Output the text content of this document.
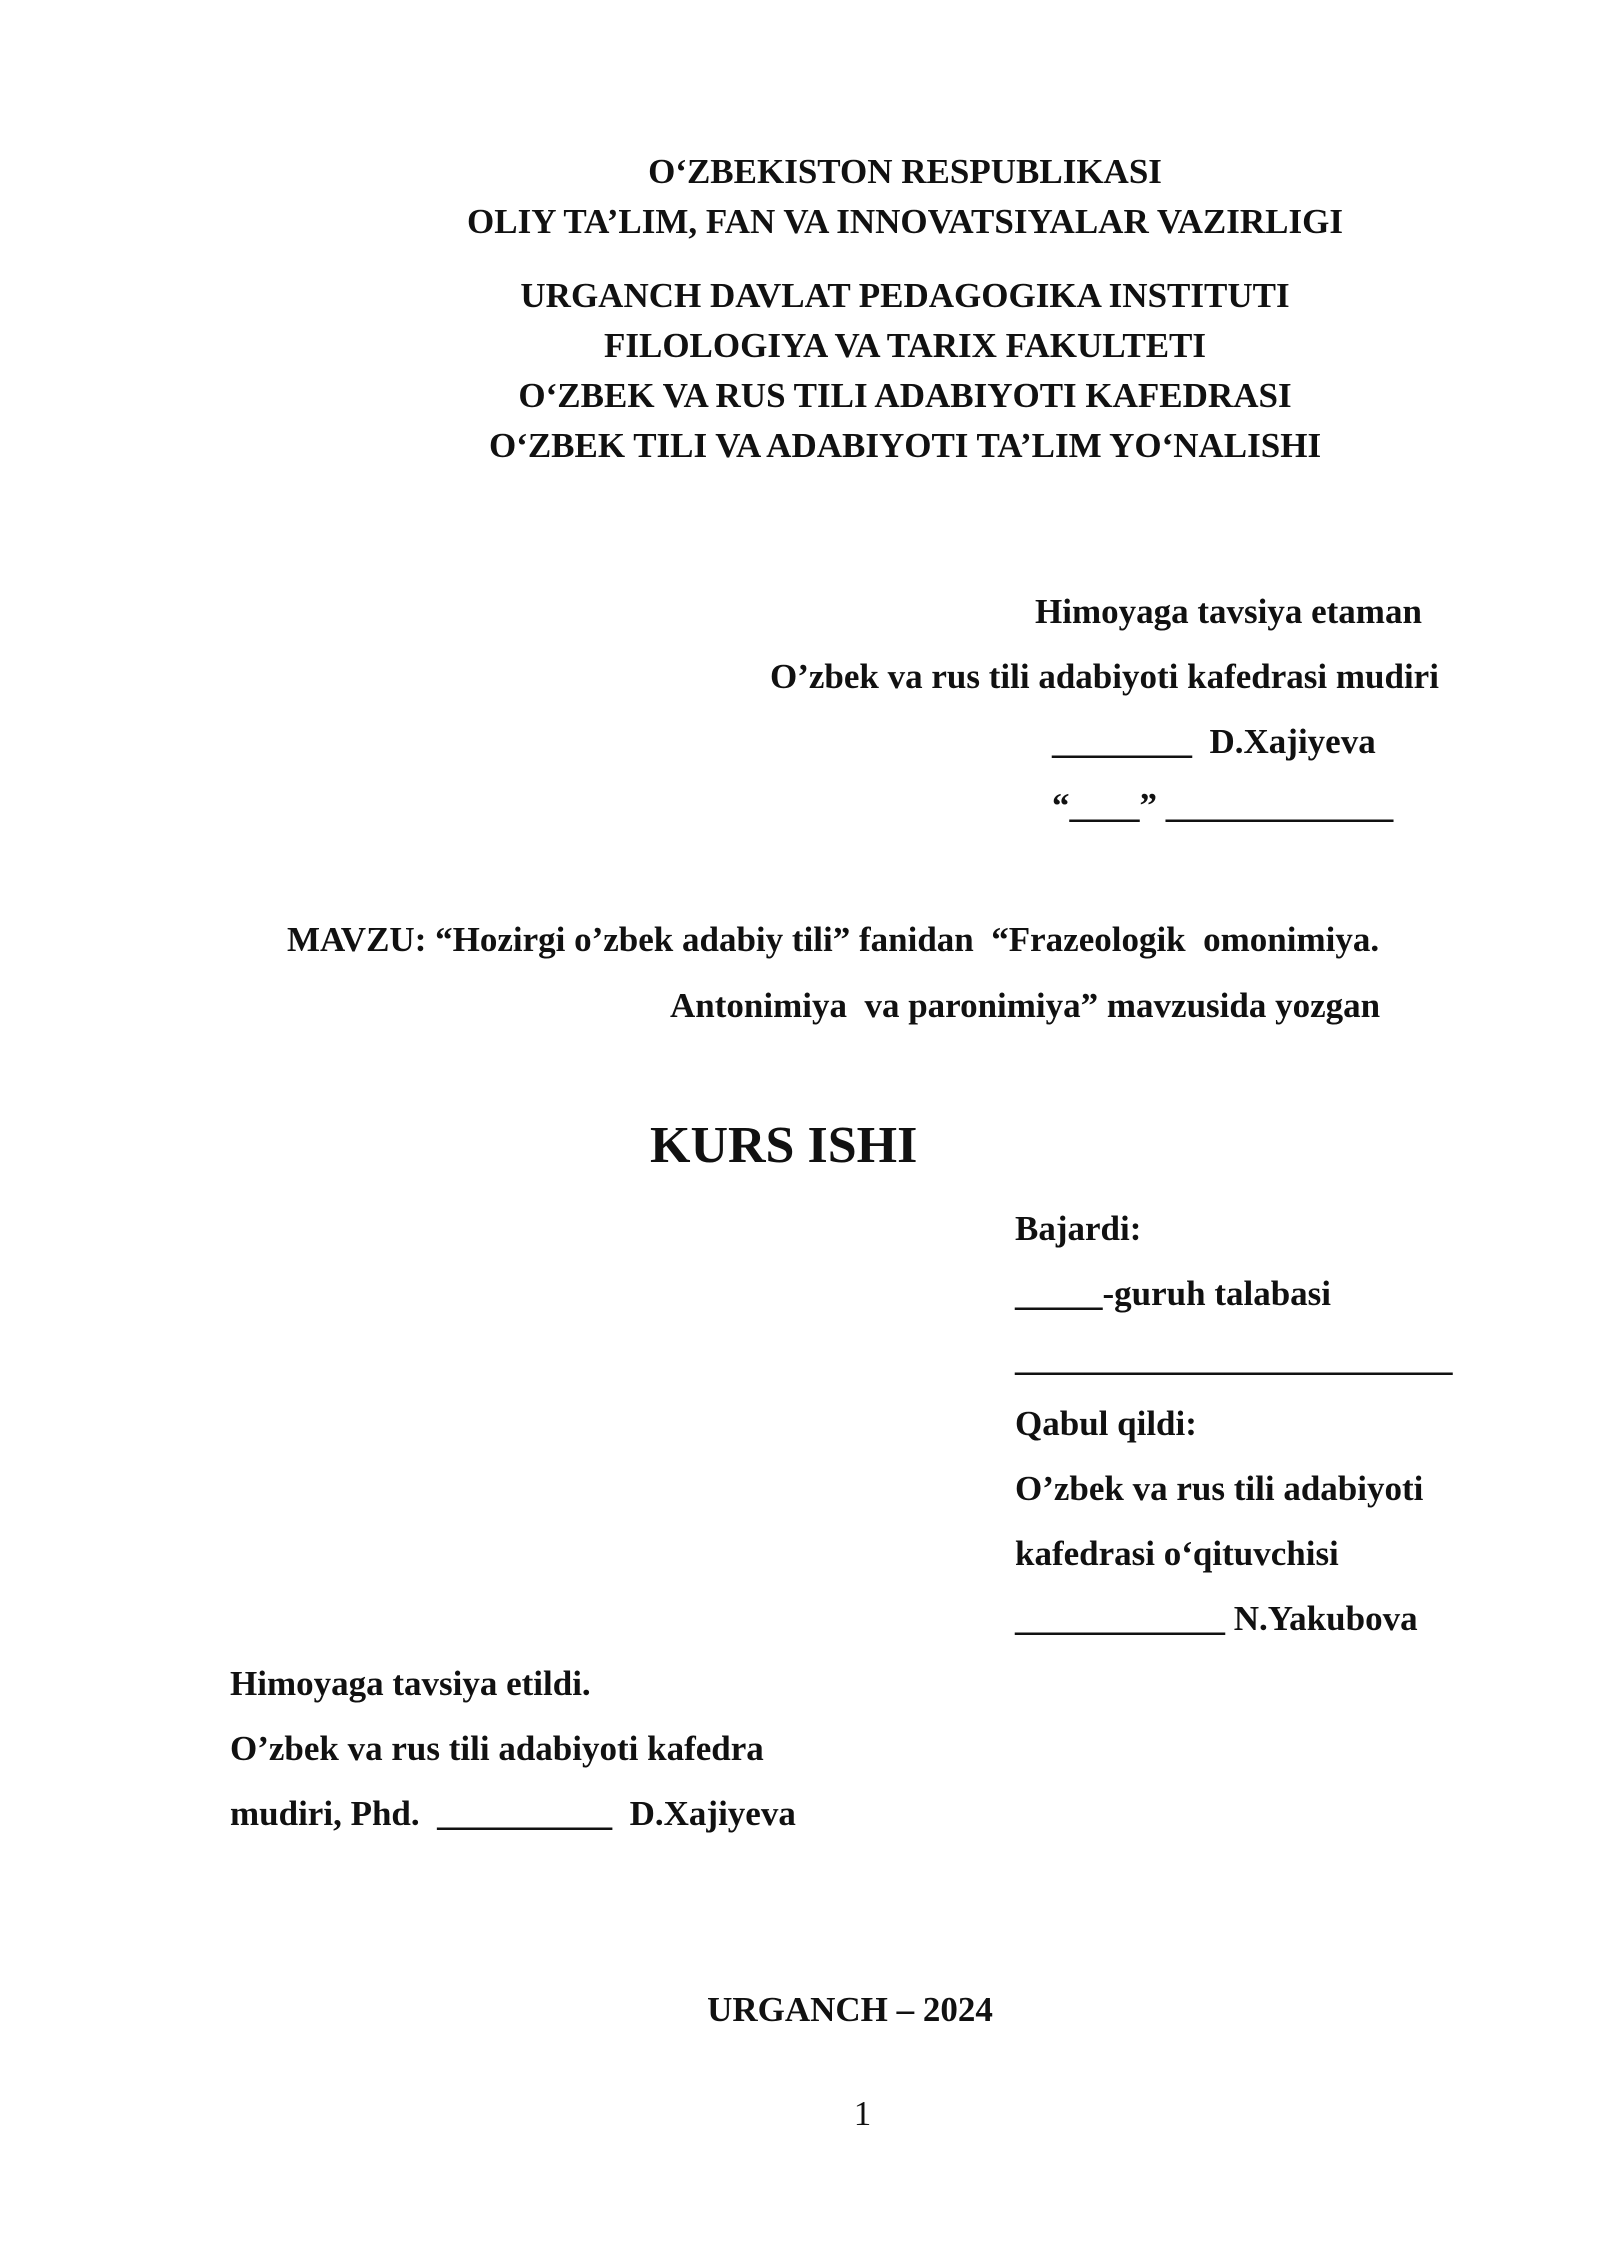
O‘ZBEKISTON RESPUBLIKASI
OLIY TA’LIM, FAN VA INNOVATSIYALAR VAZIRLIGI
URGANCH DAVLAT PEDAGOGIKA INSTITUTI
FILOLOGIYA VA TARIX FAKULTETI
O‘ZBEK VA RUS TILI ADABIYOTI KAFEDRASI
O‘ZBEK TILI VA ADABIYOTI TA’LIM YO‘NALISHI
Himoyaga tavsiya etaman
O’zbek va rus tili adabiyoti kafedrasi mudiri
________  D.Xajiyeva
“____” _____________
MAVZU: “Hozirgi o’zbek adabiy tili” fanidan  “Frazeologik  omonimiya.
Antonimiya  va paronimiya” mavzusida yozgan
KURS ISHI
Bajardi:
_____-guruh talabasi
_________________________
Qabul qildi:
O’zbek va rus tili adabiyoti
kafedrasi o‘qituvchisi
____________ N.Yakubova
Himoyaga tavsiya etildi.
O’zbek va rus tili adabiyoti kafedra
mudiri, Phd.  __________  D.Xajiyeva
URGANCH – 2024
1
